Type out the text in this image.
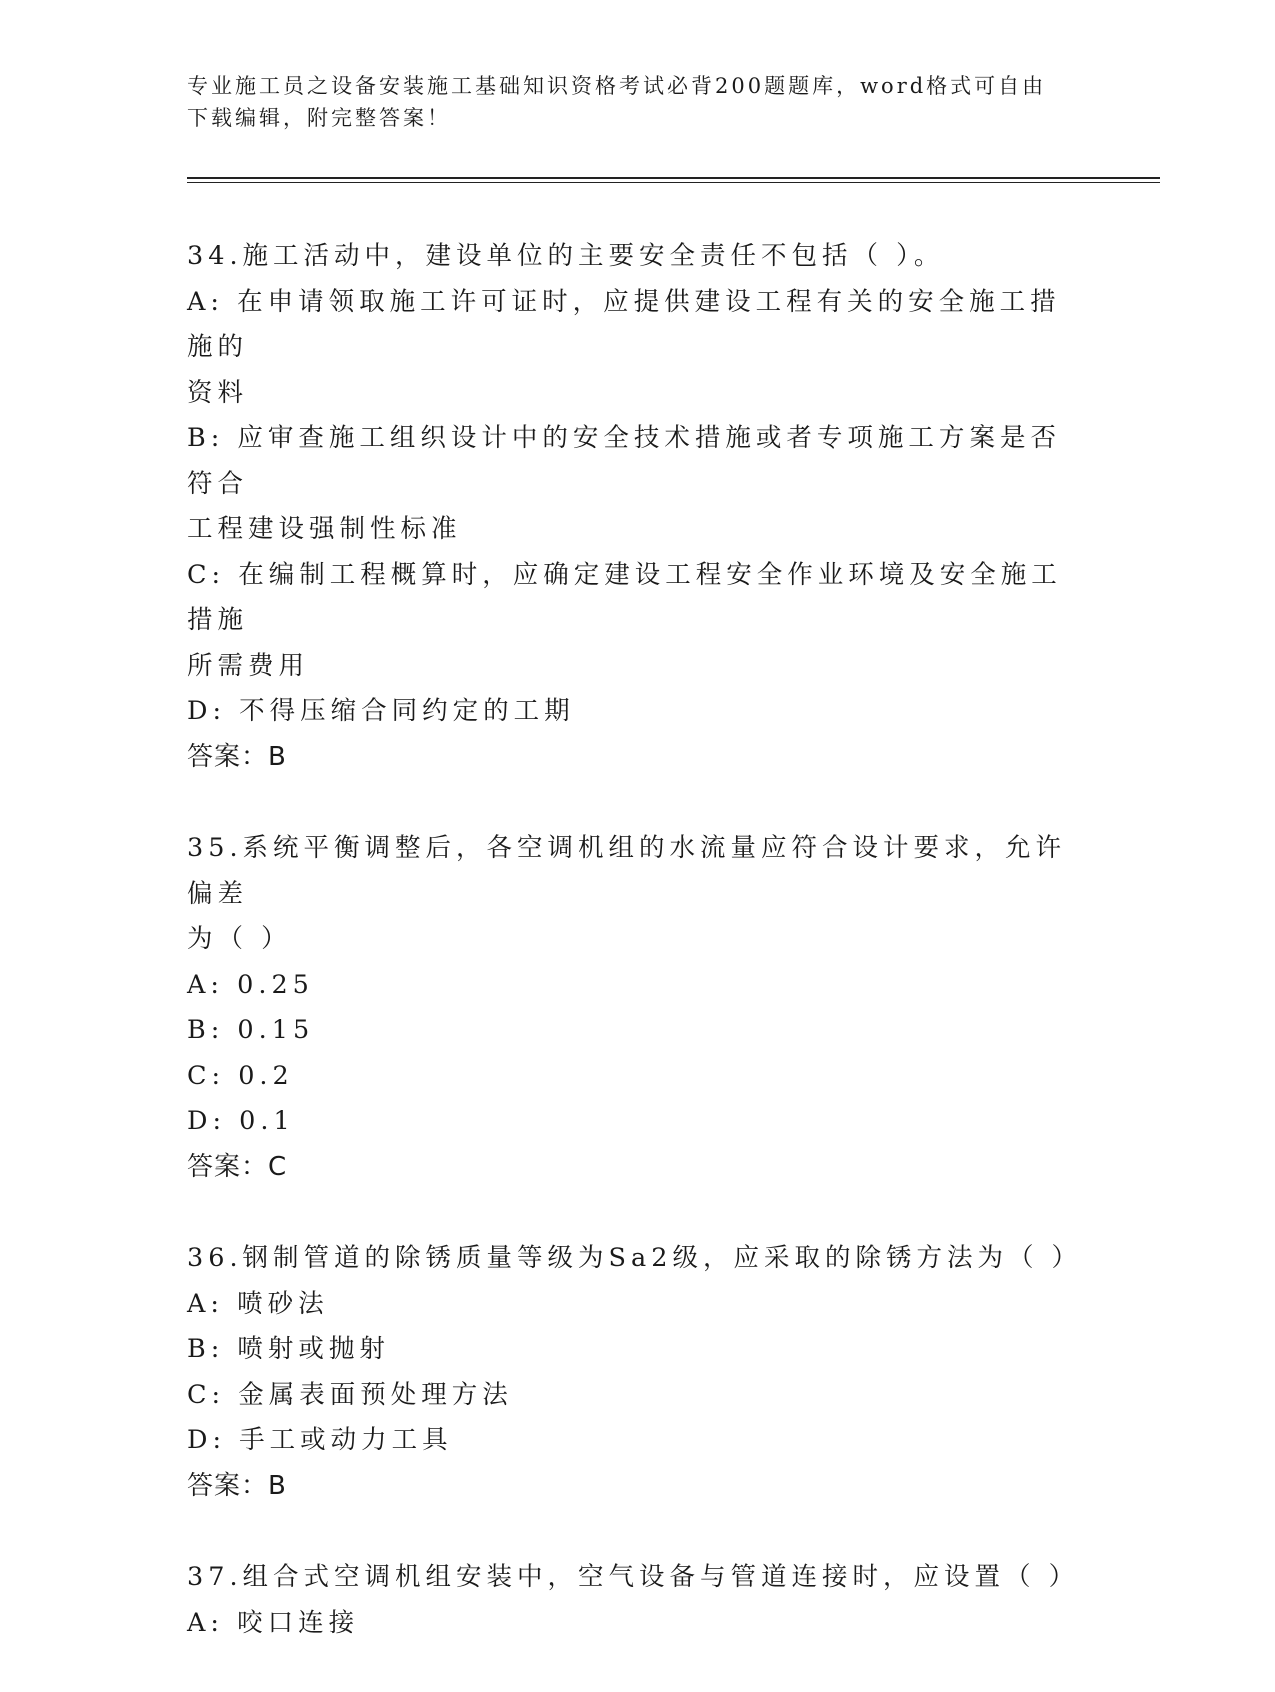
专业施工员之设备安装施工基础知识资格考试必背200题题库，word格式可自由
下载编辑，附完整答案！
34.施工活动中，建设单位的主要安全责任不包括（ ）。
A: 在申请领取施工许可证时，应提供建设工程有关的安全施工措施的
资料
B: 应审查施工组织设计中的安全技术措施或者专项施工方案是否符合
工程建设强制性标准
C: 在编制工程概算时，应确定建设工程安全作业环境及安全施工措施
所需费用
D: 不得压缩合同约定的工期
答案：B
35.系统平衡调整后，各空调机组的水流量应符合设计要求，允许偏差
为（ ）
A: 0.25
B: 0.15
C: 0.2
D: 0.1
答案：C
36.钢制管道的除锈质量等级为Sa2级，应采取的除锈方法为（ ）
A: 喷砂法
B: 喷射或抛射
C: 金属表面预处理方法
D: 手工或动力工具
答案：B
37.组合式空调机组安装中，空气设备与管道连接时，应设置（ ）
A: 咬口连接
